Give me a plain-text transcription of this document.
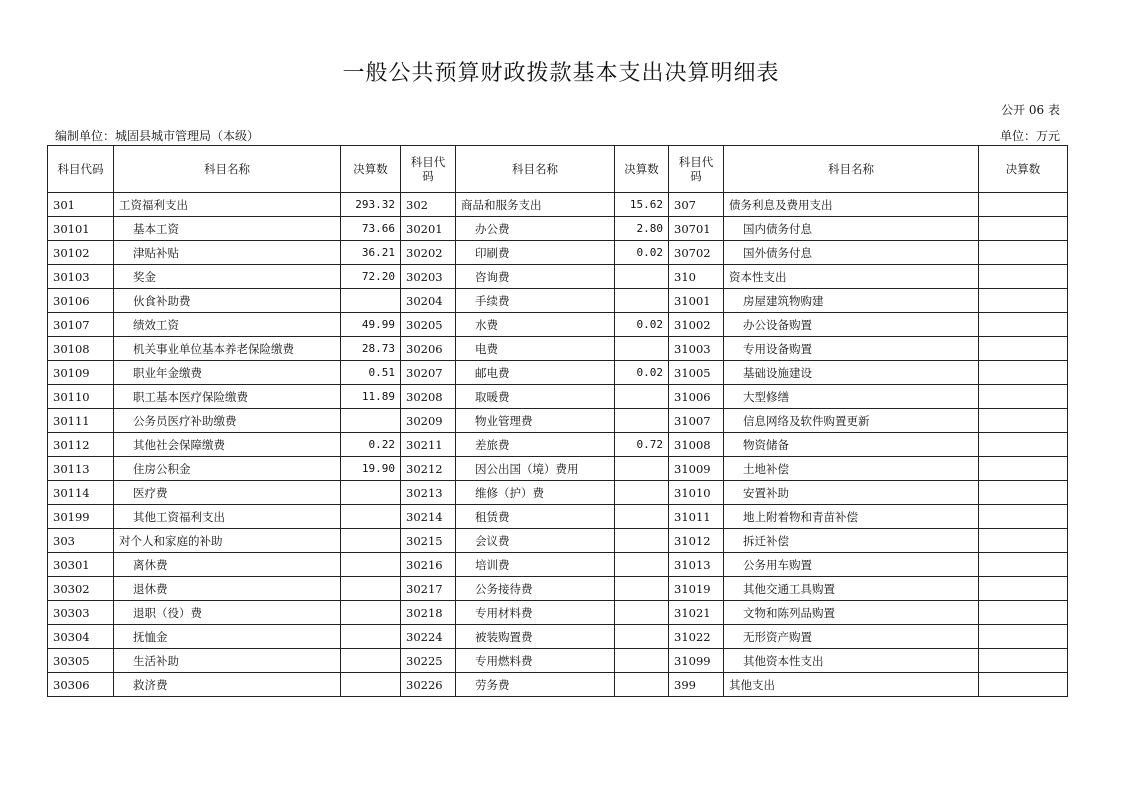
一般公共预算财政拨款基本支出决算明细表
公开 06 表
编制单位：城固县城市管理局（本级）	单位：万元
科目代码	科目名称	决算数	科目代码	科目名称	决算数	科目代码	科目名称	决算数
301	工资福利支出	293.32	302	商品和服务支出	15.62	307	债务利息及费用支出	
30101	基本工资	73.66	30201	办公费	2.80	30701	国内债务付息	
30102	津贴补贴	36.21	30202	印刷费	0.02	30702	国外债务付息	
30103	奖金	72.20	30203	咨询费		310	资本性支出	
30106	伙食补助费		30204	手续费		31001	房屋建筑物购建	
30107	绩效工资	49.99	30205	水费	0.02	31002	办公设备购置	
30108	机关事业单位基本养老保险缴费	28.73	30206	电费		31003	专用设备购置	
30109	职业年金缴费	0.51	30207	邮电费	0.02	31005	基础设施建设	
30110	职工基本医疗保险缴费	11.89	30208	取暖费		31006	大型修缮	
30111	公务员医疗补助缴费		30209	物业管理费		31007	信息网络及软件购置更新	
30112	其他社会保障缴费	0.22	30211	差旅费	0.72	31008	物资储备	
30113	住房公积金	19.90	30212	因公出国（境）费用		31009	土地补偿	
30114	医疗费		30213	维修（护）费		31010	安置补助	
30199	其他工资福利支出		30214	租赁费		31011	地上附着物和青苗补偿	
303	对个人和家庭的补助		30215	会议费		31012	拆迁补偿	
30301	离休费		30216	培训费		31013	公务用车购置	
30302	退休费		30217	公务接待费		31019	其他交通工具购置	
30303	退职（役）费		30218	专用材料费		31021	文物和陈列品购置	
30304	抚恤金		30224	被装购置费		31022	无形资产购置	
30305	生活补助		30225	专用燃料费		31099	其他资本性支出	
30306	救济费		30226	劳务费		399	其他支出	
